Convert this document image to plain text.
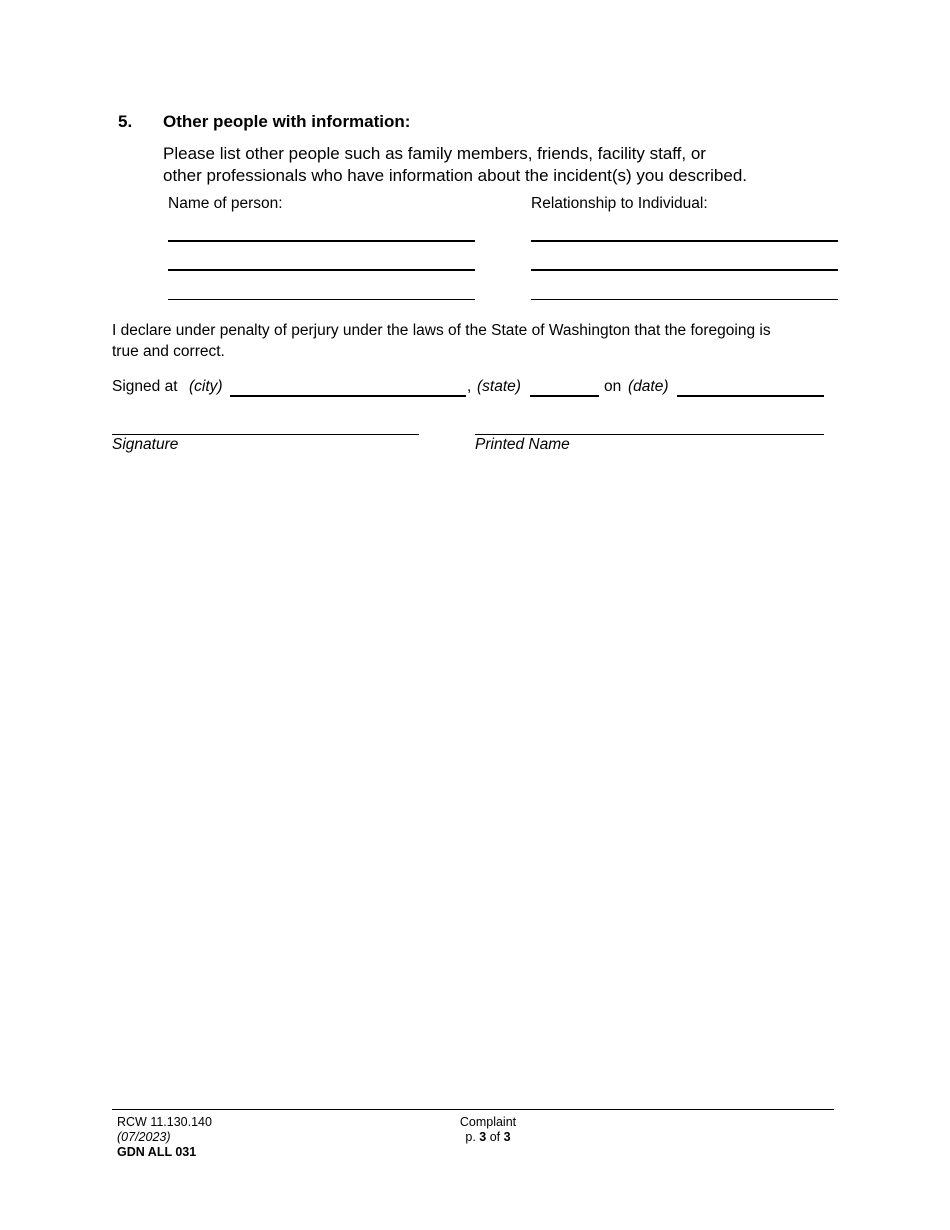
5. Other people with information:
Please list other people such as family members, friends, facility staff, or
other professionals who have information about the incident(s) you described.
Name of person:	Relationship to Individual:
I declare under penalty of perjury under the laws of the State of Washington that the foregoing is
true and correct.
Signed at (city)	, (state)	on (date)
Signature	Printed Name
RCW 11.130.140
(07/2023)
GDN ALL 031
Complaint
p. 3 of 3
